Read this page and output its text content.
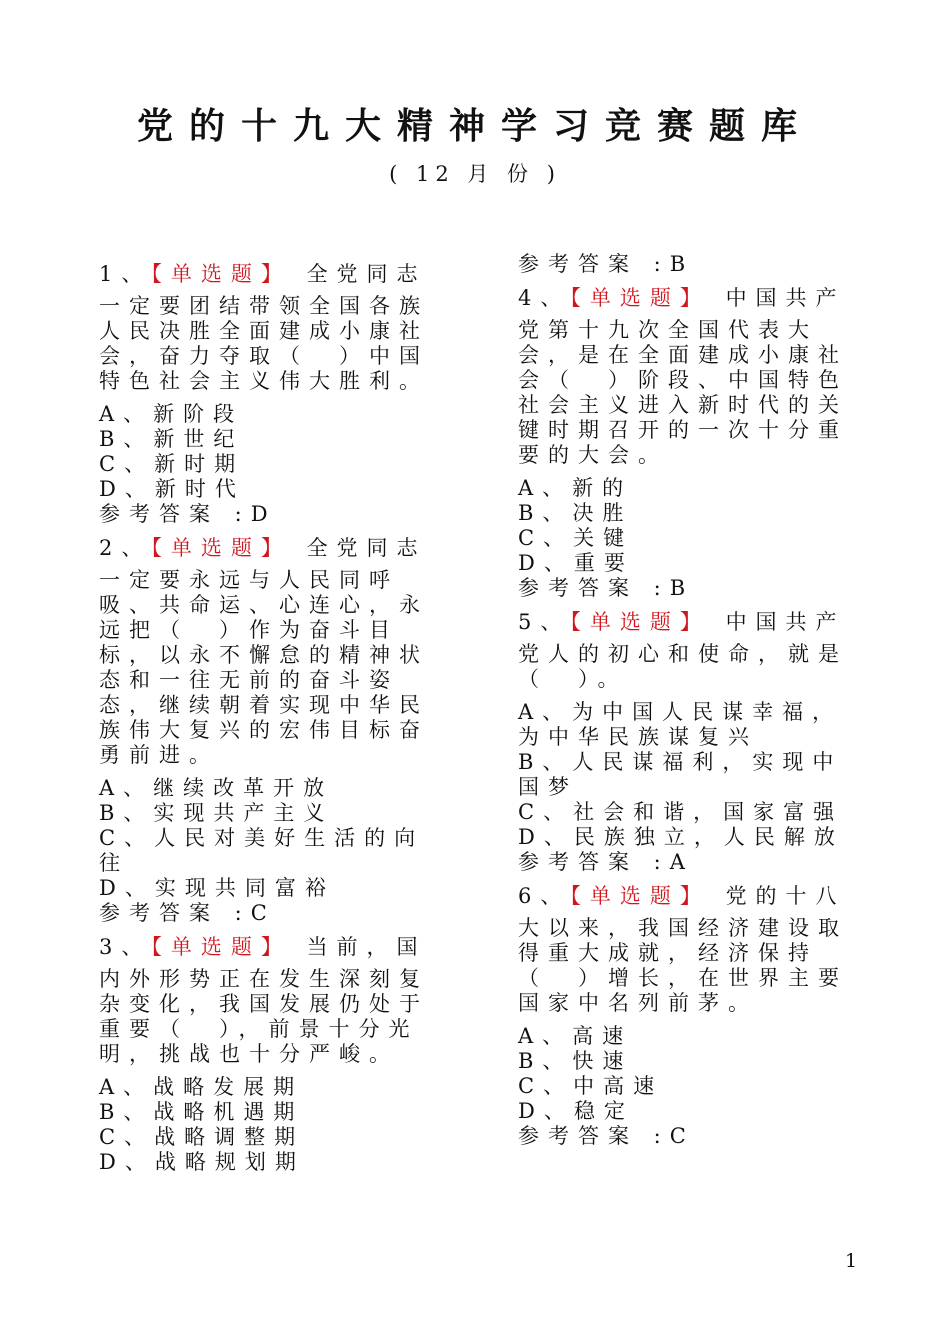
党的十九大精神学习竞赛题库
( 12 月 份 )
1、【单选题】 全党同志
一定要团结带领全国各族人民决胜全面建成小康社会，奋力夺取（　）中国特色社会主义伟大胜利。
A、新阶段
B、新世纪
C、新时期
D、新时代
参考答案 :D
2、【单选题】 全党同志
一定要永远与人民同呼吸、共命运、心连心，永远把（　）作为奋斗目标，以永不懈怠的精神状态和一往无前的奋斗姿态，继续朝着实现中华民族伟大复兴的宏伟目标奋勇前进。
A、继续改革开放
B、实现共产主义
C、人民对美好生活的向往
D、实现共同富裕
参考答案 :C
3、【单选题】 当前，国
内外形势正在发生深刻复杂变化，我国发展仍处于重要（　），前景十分光明，挑战也十分严峻。
A、战略发展期
B、战略机遇期
C、战略调整期
D、战略规划期
参考答案 :B
4、【单选题】 中国共产
党第十九次全国代表大会，是在全面建成小康社会（　）阶段、中国特色社会主义进入新时代的关键时期召开的一次十分重要的大会。
A、新的
B、决胜
C、关键
D、重要
参考答案 :B
5、【单选题】 中国共产
党人的初心和使命，就是（　）。
A、为中国人民谋幸福，为中华民族谋复兴
B、人民谋福利，实现中国梦
C、社会和谐，国家富强
D、民族独立，人民解放
参考答案 :A
6、【单选题】 党的十八
大以来，我国经济建设取得重大成就，经济保持（　）增长，在世界主要国家中名列前茅。
A、高速
B、快速
C、中高速
D、稳定
参考答案 :C
1
